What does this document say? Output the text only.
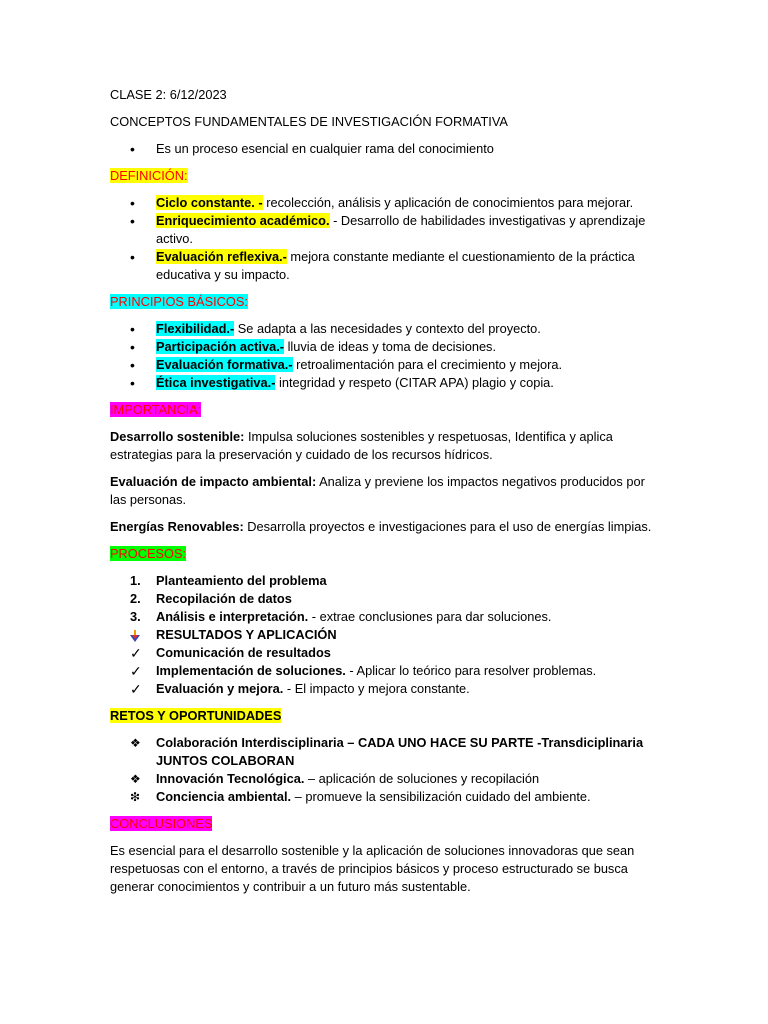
CLASE 2: 6/12/2023

CONCEPTOS FUNDAMENTALES DE INVESTIGACIÓN FORMATIVA

•
Es un proceso esencial en cualquier rama del conocimiento

DEFINICIÓN:

•
Ciclo constante. - recolección, análisis y aplicación de conocimientos para mejorar.
•
Enriquecimiento académico. - Desarrollo de habilidades investigativas y aprendizaje activo.
•
Evaluación reflexiva.- mejora constante mediante el cuestionamiento de la práctica educativa y su impacto.

PRINCIPIOS BÁSICOS:

•
Flexibilidad.- Se adapta a las necesidades y contexto del proyecto.
•
Participación activa.- lluvia de ideas y toma de decisiones.
•
Evaluación formativa.- retroalimentación para el crecimiento y mejora.
•
Ética investigativa.- integridad y respeto (CITAR APA) plagio y copia.

IMPORTANCIA:

Desarrollo sostenible: Impulsa soluciones sostenibles y respetuosas, Identifica y aplica estrategias para la preservación y cuidado de los recursos hídricos.

Evaluación de impacto ambiental: Analiza y previene los impactos negativos producidos por las personas.

Energías Renovables: Desarrolla proyectos e investigaciones para el uso de energías limpias.

PROCESOS:

1.	Planteamiento del problema
2.	Recopilación de datos
3.	Análisis e interpretación. - extrae conclusiones para dar soluciones.
RESULTADOS Y APLICACIÓN
✓	Comunicación de resultados
✓	Implementación de soluciones. - Aplicar lo teórico para resolver problemas.
✓	Evaluación y mejora. - El impacto y mejora constante.

RETOS Y OPORTUNIDADES

❖	Colaboración Interdisciplinaria – CADA UNO HACE SU PARTE -Transdiciplinaria JUNTOS COLABORAN
❖	Innovación Tecnológica. – aplicación de soluciones y recopilación
❇	Conciencia ambiental. – promueve la sensibilización cuidado del ambiente.

CONCLUSIONES

Es esencial para el desarrollo sostenible y la aplicación de soluciones innovadoras que sean respetuosas con el entorno, a través de principios básicos y proceso estructurado se busca generar conocimientos y contribuir a un futuro más sustentable.
